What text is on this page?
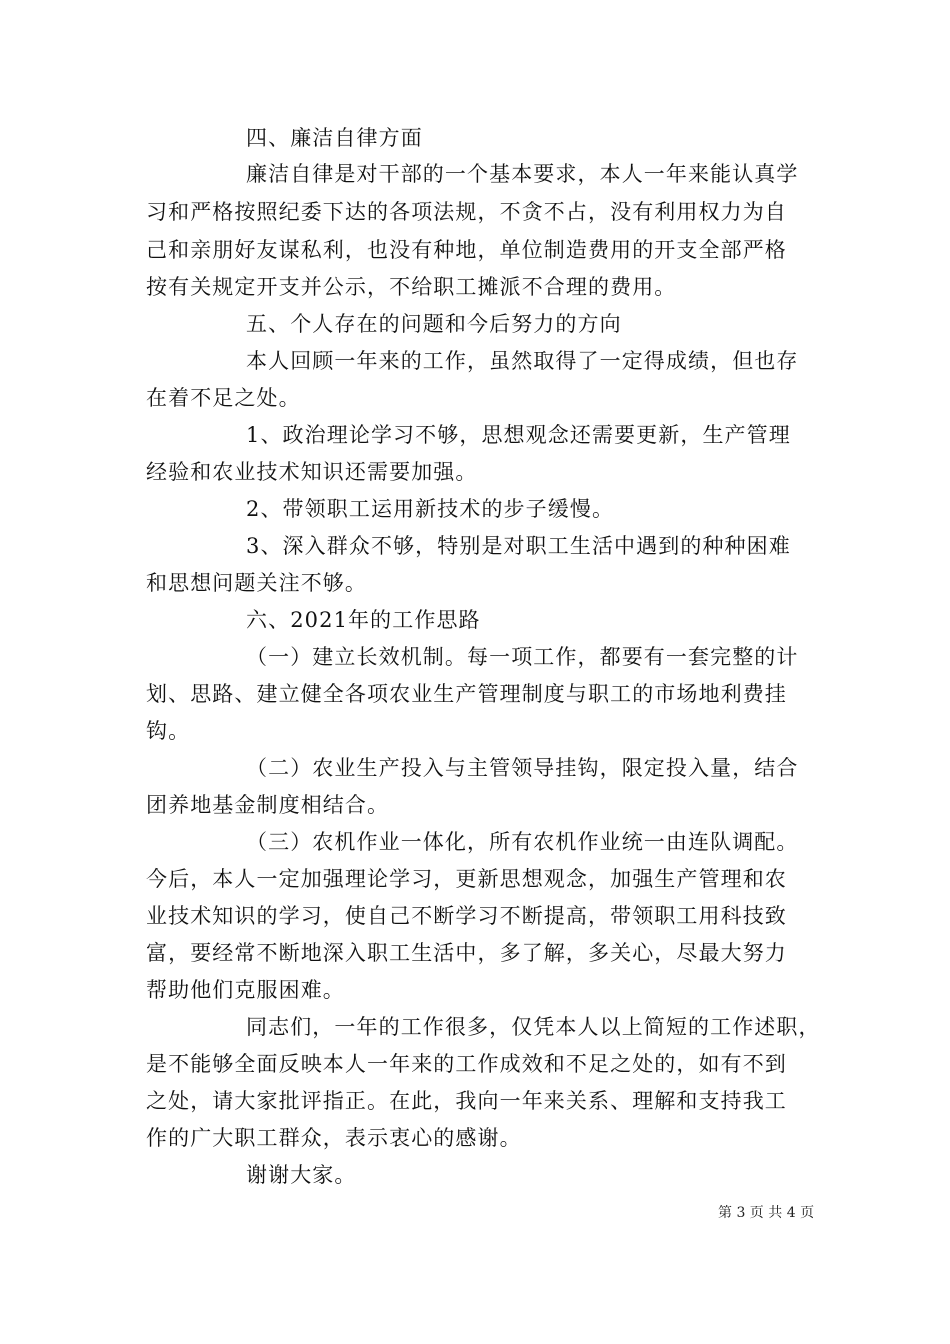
四、廉洁自律方面
廉洁自律是对干部的一个基本要求，本人一年来能认真学
习和严格按照纪委下达的各项法规，不贪不占，没有利用权力为自
己和亲朋好友谋私利，也没有种地，单位制造费用的开支全部严格
按有关规定开支并公示，不给职工摊派不合理的费用。
五、个人存在的问题和今后努力的方向
本人回顾一年来的工作，虽然取得了一定得成绩，但也存
在着不足之处。
1、政治理论学习不够，思想观念还需要更新，生产管理
经验和农业技术知识还需要加强。
2、带领职工运用新技术的步子缓慢。
3、深入群众不够，特别是对职工生活中遇到的种种困难
和思想问题关注不够。
六、2021年的工作思路
（一）建立长效机制。每一项工作，都要有一套完整的计
划、思路、建立健全各项农业生产管理制度与职工的市场地利费挂
钩。
（二）农业生产投入与主管领导挂钩，限定投入量，结合
团养地基金制度相结合。
（三）农机作业一体化，所有农机作业统一由连队调配。
今后，本人一定加强理论学习，更新思想观念，加强生产管理和农
业技术知识的学习，使自己不断学习不断提高，带领职工用科技致
富，要经常不断地深入职工生活中，多了解，多关心，尽最大努力
帮助他们克服困难。
同志们，一年的工作很多，仅凭本人以上简短的工作述职，
是不能够全面反映本人一年来的工作成效和不足之处的，如有不到
之处，请大家批评指正。在此，我向一年来关系、理解和支持我工
作的广大职工群众，表示衷心的感谢。
谢谢大家。
第 3 页 共 4 页
